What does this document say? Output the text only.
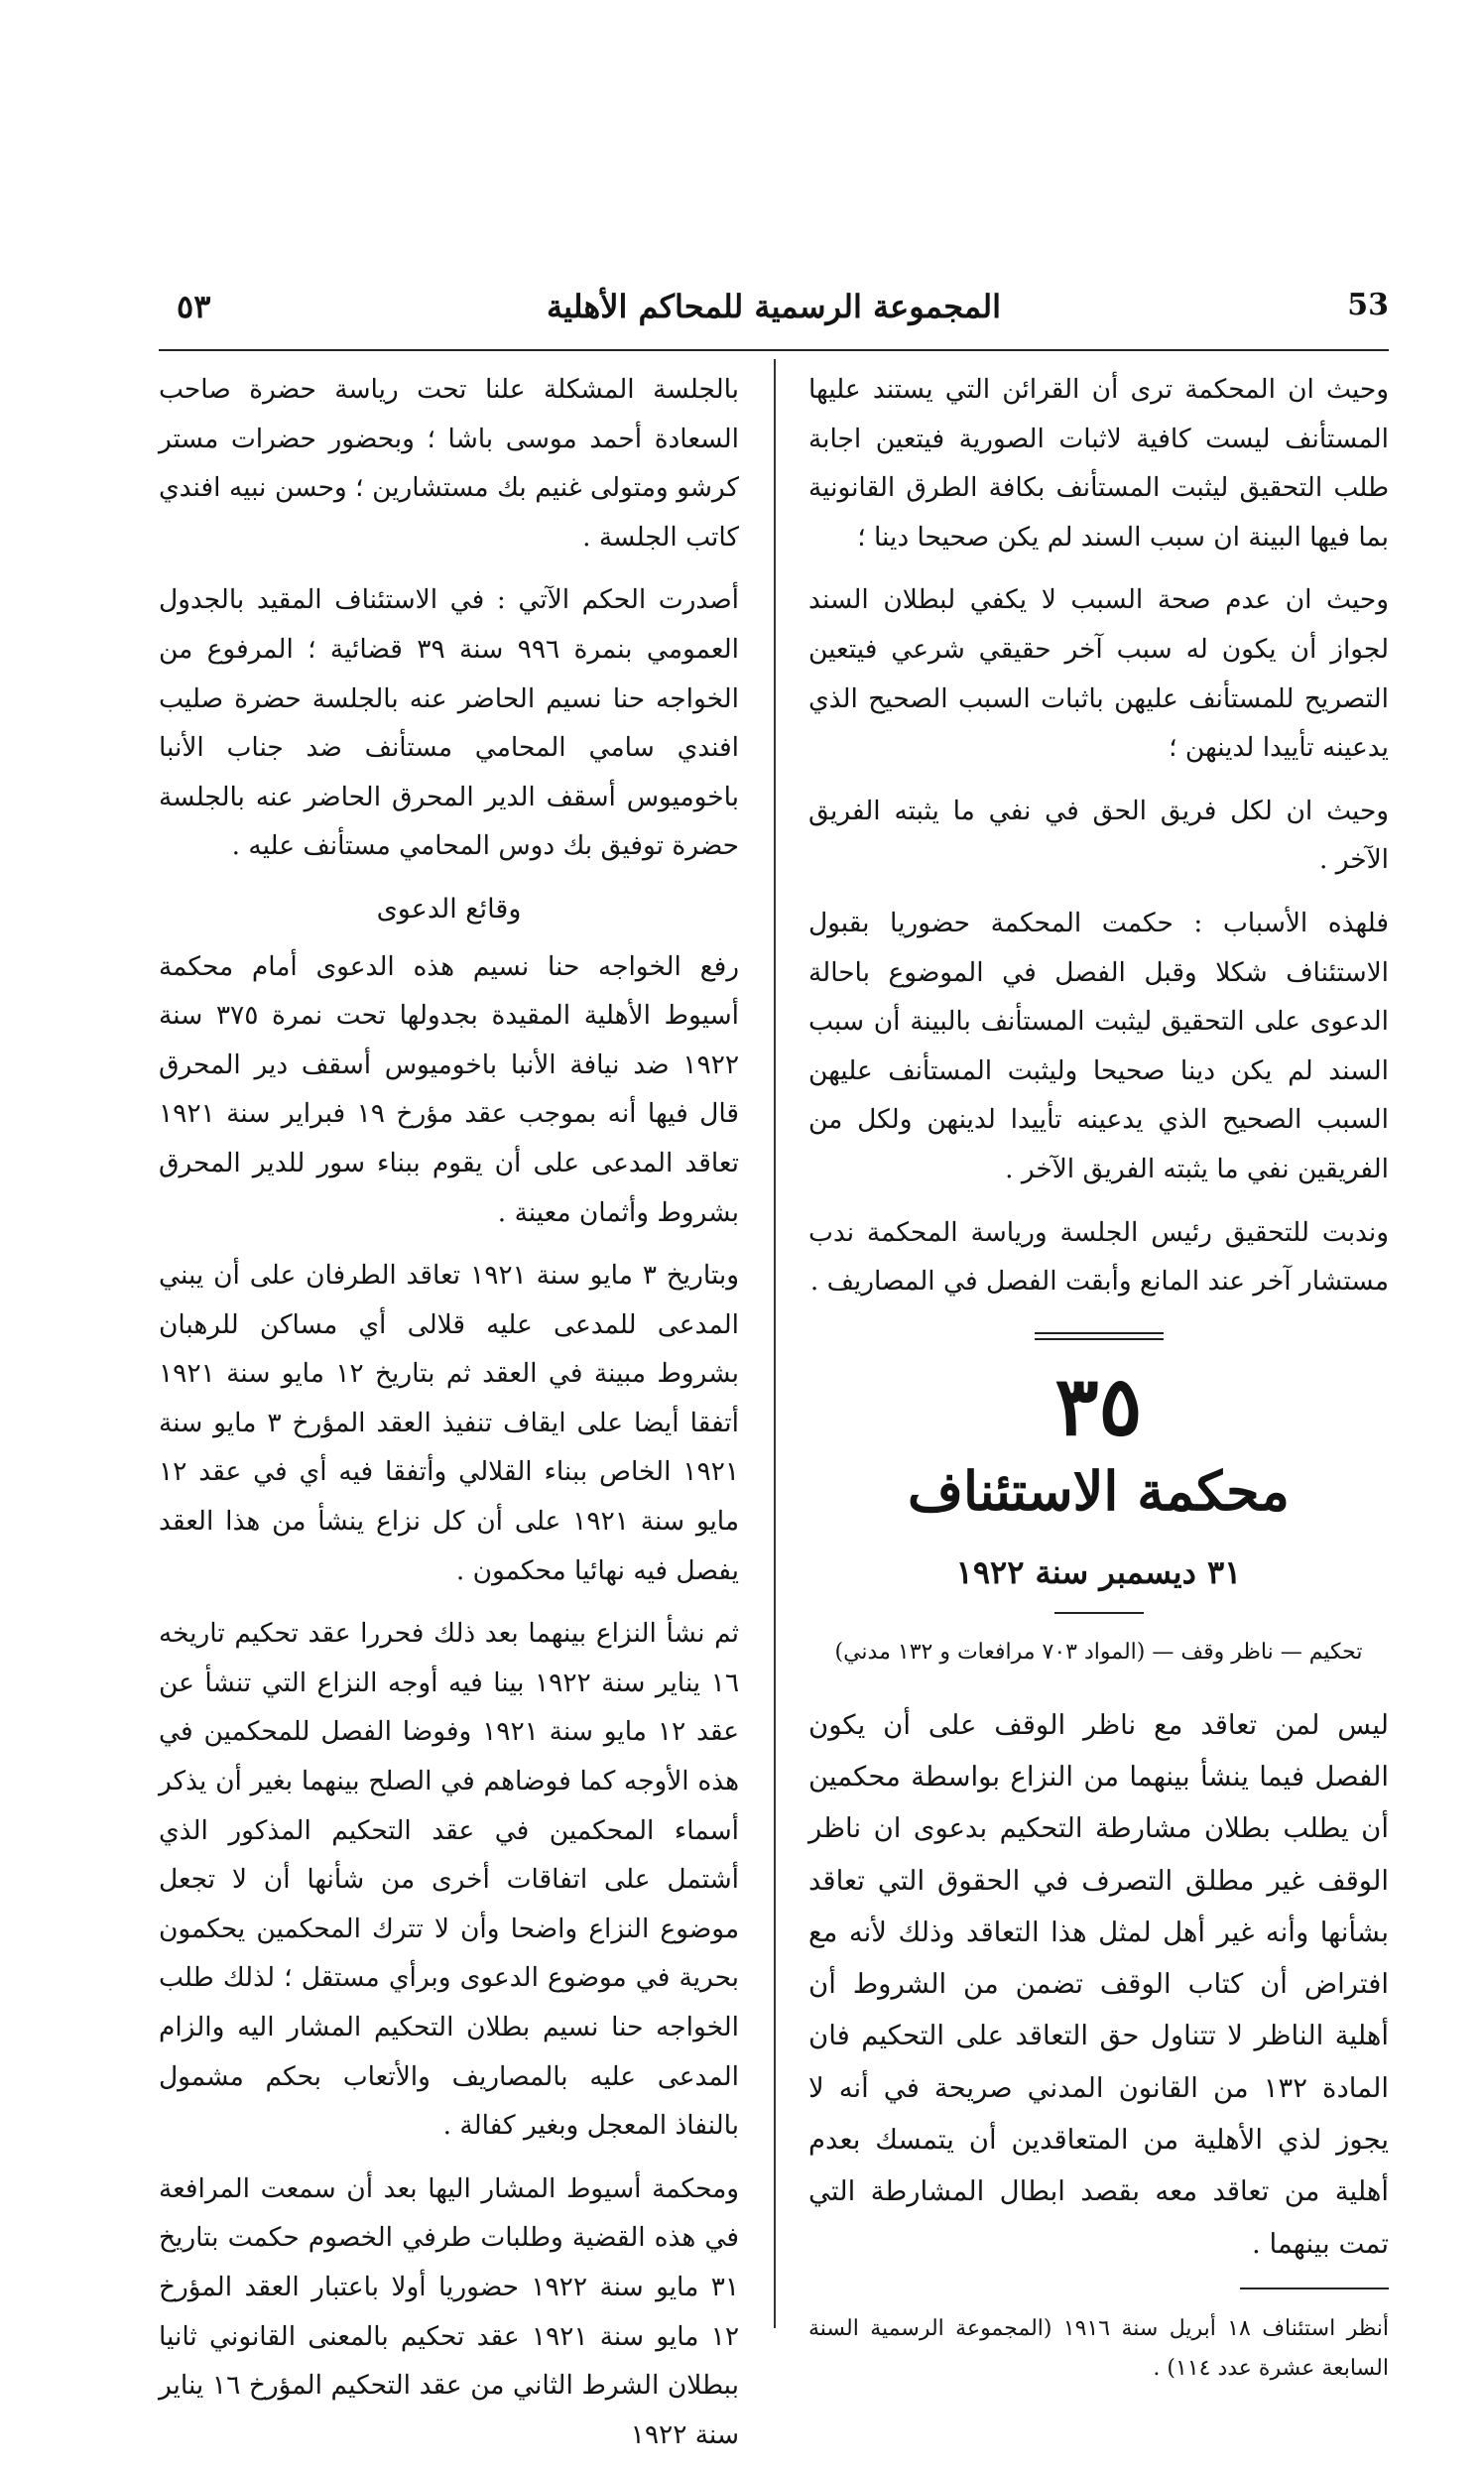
٥٣	المجموعة الرسمية للمحاكم الأهلية	53

وحيث ان المحكمة ترى أن القرائن التي يستند عليها المستأنف ليست كافية لاثبات الصورية فيتعين اجابة طلب التحقيق ليثبت المستأنف بكافة الطرق القانونية بما فيها البينة ان سبب السند لم يكن صحيحا دينا ؛

وحيث ان عدم صحة السبب لا يكفي لبطلان السند لجواز أن يكون له سبب آخر حقيقي شرعي فيتعين التصريح للمستأنف عليهن باثبات السبب الصحيح الذي يدعينه تأييدا لدينهن ؛

وحيث ان لكل فريق الحق في نفي ما يثبته الفريق الآخر .

فلهذه الأسباب : حكمت المحكمة حضوريا بقبول الاستئناف شكلا وقبل الفصل في الموضوع باحالة الدعوى على التحقيق ليثبت المستأنف بالبينة أن سبب السند لم يكن دينا صحيحا وليثبت المستأنف عليهن السبب الصحيح الذي يدعينه تأييدا لدينهن ولكل من الفريقين نفي ما يثبته الفريق الآخر .

وندبت للتحقيق رئيس الجلسة ورياسة المحكمة ندب مستشار آخر عند المانع وأبقت الفصل في المصاريف .

٣٥
محكمة الاستئناف
٣١ ديسمبر سنة ١٩٢٢
تحكيم — ناظر وقف — (المواد ٧٠٣ مرافعات و ١٣٢ مدني)

ليس لمن تعاقد مع ناظر الوقف على أن يكون الفصل فيما ينشأ بينهما من النزاع بواسطة محكمين أن يطلب بطلان مشارطة التحكيم بدعوى ان ناظر الوقف غير مطلق التصرف في الحقوق التي تعاقد بشأنها وأنه غير أهل لمثل هذا التعاقد وذلك لأنه مع افتراض أن كتاب الوقف تضمن من الشروط أن أهلية الناظر لا تتناول حق التعاقد على التحكيم فان المادة ١٣٢ من القانون المدني صريحة في أنه لا يجوز لذي الأهلية من المتعاقدين أن يتمسك بعدم أهلية من تعاقد معه بقصد ابطال المشارطة التي تمت بينهما .

أنظر استئناف ١٨ أبريل سنة ١٩١٦ (المجموعة الرسمية السنة السابعة عشرة عدد ١١٤) .

بالجلسة المشكلة علنا تحت رياسة حضرة صاحب السعادة أحمد موسى باشا ؛ وبحضور حضرات مستر كرشو ومتولى غنيم بك مستشارين ؛ وحسن نبيه افندي كاتب الجلسة .

أصدرت الحكم الآتي : في الاستئناف المقيد بالجدول العمومي بنمرة ٩٩٦ سنة ٣٩ قضائية ؛ المرفوع من الخواجه حنا نسيم الحاضر عنه بالجلسة حضرة صليب افندي سامي المحامي مستأنف ضد جناب الأنبا باخوميوس أسقف الدير المحرق الحاضر عنه بالجلسة حضرة توفيق بك دوس المحامي مستأنف عليه .

وقائع الدعوى

رفع الخواجه حنا نسيم هذه الدعوى أمام محكمة أسيوط الأهلية المقيدة بجدولها تحت نمرة ٣٧٥ سنة ١٩٢٢ ضد نيافة الأنبا باخوميوس أسقف دير المحرق قال فيها أنه بموجب عقد مؤرخ ١٩ فبراير سنة ١٩٢١ تعاقد المدعى على أن يقوم ببناء سور للدير المحرق بشروط وأثمان معينة .

وبتاريخ ٣ مايو سنة ١٩٢١ تعاقد الطرفان على أن يبني المدعى للمدعى عليه قلالى أي مساكن للرهبان بشروط مبينة في العقد ثم بتاريخ ١٢ مايو سنة ١٩٢١ أتفقا أيضا على ايقاف تنفيذ العقد المؤرخ ٣ مايو سنة ١٩٢١ الخاص ببناء القلالي وأتفقا فيه أي في عقد ١٢ مايو سنة ١٩٢١ على أن كل نزاع ينشأ من هذا العقد يفصل فيه نهائيا محكمون .

ثم نشأ النزاع بينهما بعد ذلك فحررا عقد تحكيم تاريخه ١٦ يناير سنة ١٩٢٢ بينا فيه أوجه النزاع التي تنشأ عن عقد ١٢ مايو سنة ١٩٢١ وفوضا الفصل للمحكمين في هذه الأوجه كما فوضاهم في الصلح بينهما بغير أن يذكر أسماء المحكمين في عقد التحكيم المذكور الذي أشتمل على اتفاقات أخرى من شأنها أن لا تجعل موضوع النزاع واضحا وأن لا تترك المحكمين يحكمون بحرية في موضوع الدعوى وبرأي مستقل ؛ لذلك طلب الخواجه حنا نسيم بطلان التحكيم المشار اليه والزام المدعى عليه بالمصاريف والأتعاب بحكم مشمول بالنفاذ المعجل وبغير كفالة .

ومحكمة أسيوط المشار اليها بعد أن سمعت المرافعة في هذه القضية وطلبات طرفي الخصوم حكمت بتاريخ ٣١ مايو سنة ١٩٢٢ حضوريا أولا باعتبار العقد المؤرخ ١٢ مايو سنة ١٩٢١ عقد تحكيم بالمعنى القانوني ثانيا ببطلان الشرط الثاني من عقد التحكيم المؤرخ ١٦ يناير سنة ١٩٢٢
